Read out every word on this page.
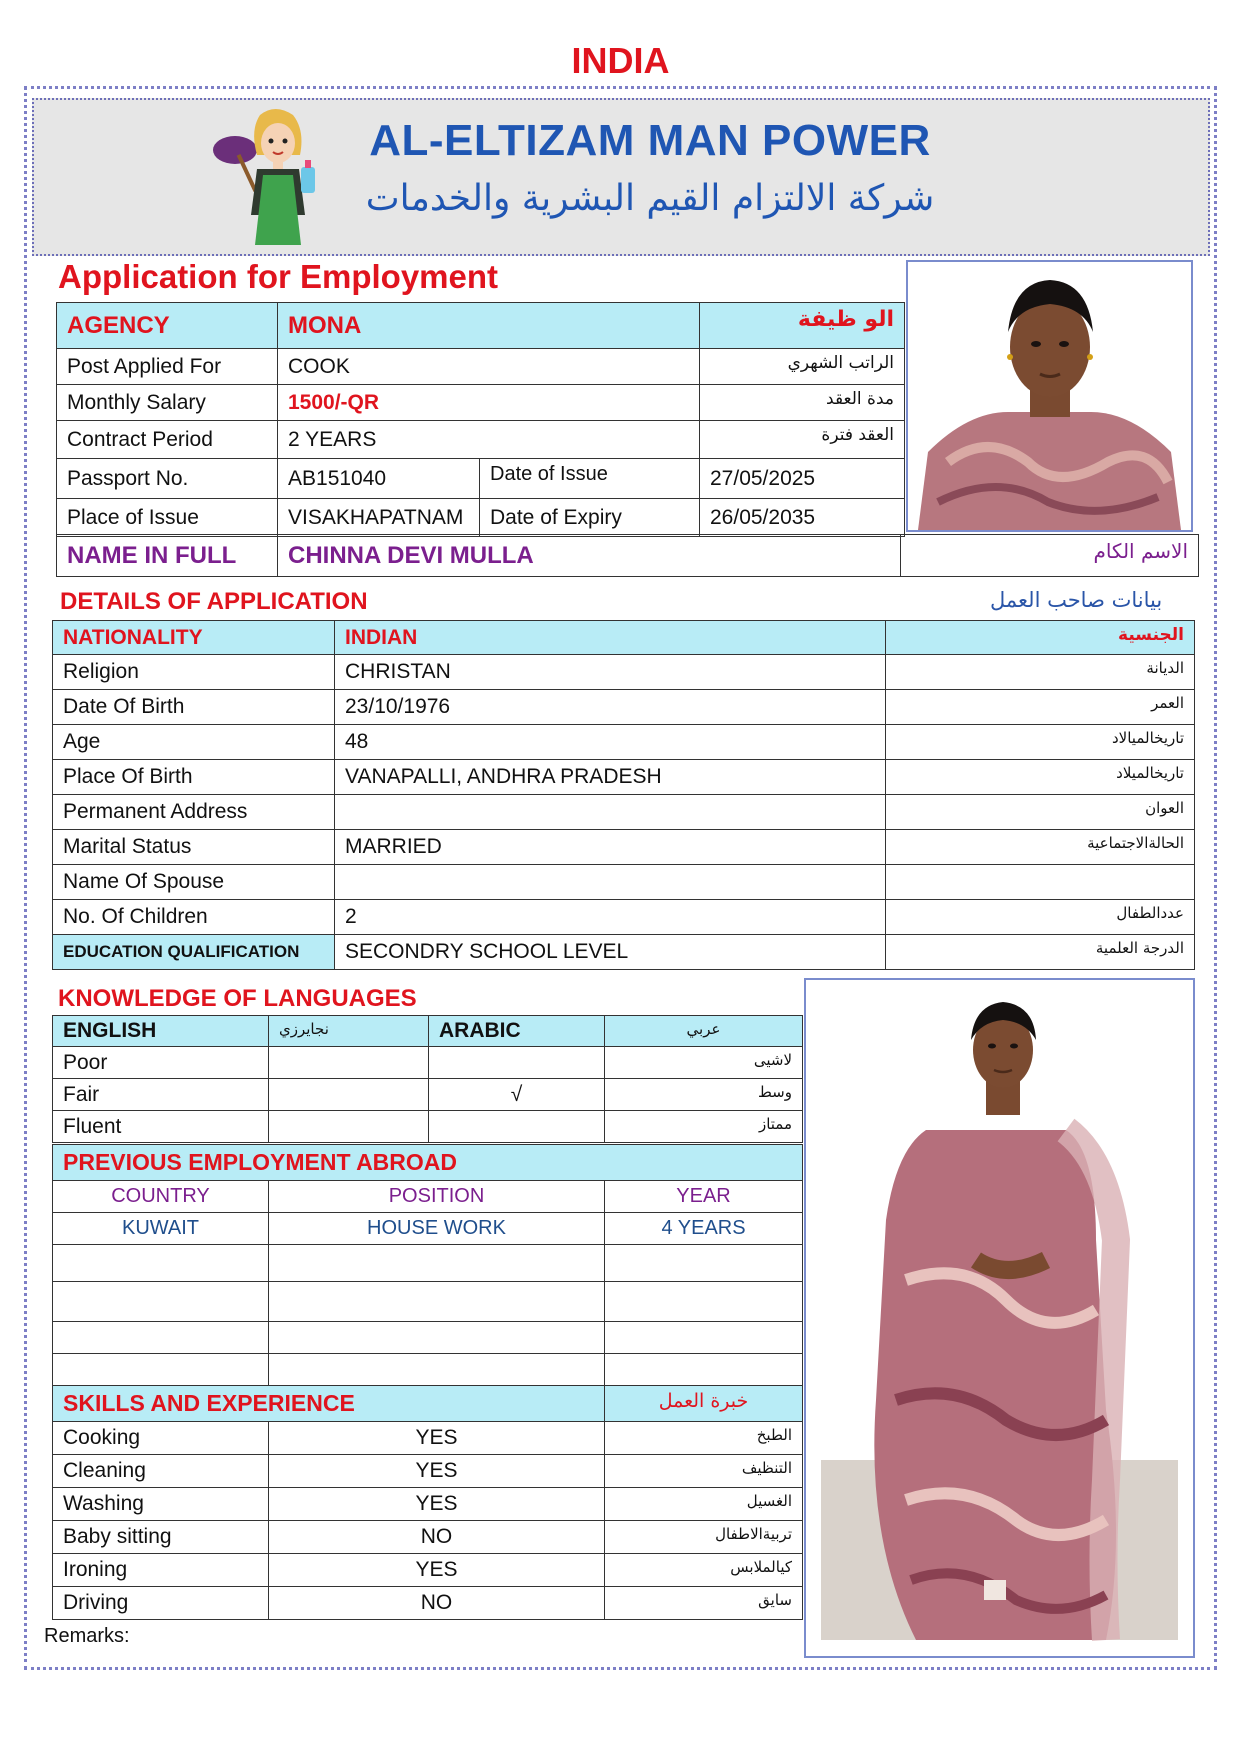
INDIA
AL-ELTIZAM MAN POWER
شركة الالتزام القيم البشرية والخدمات
Application for Employment
AGENCY	MONA	الو ظيفة
Post Applied For	COOK	الراتب الشهري
Monthly Salary	1500/-QR	مدة العقد
Contract Period	2 YEARS	العقد فترة
Passport No.	AB151040	Date of Issue	27/05/2025
Place of Issue	VISAKHAPATNAM	Date of Expiry	26/05/2035
NAME IN FULL	CHINNA DEVI MULLA	الاسم الكام
DETAILS OF APPLICATION	بيانات صاحب العمل
NATIONALITY	INDIAN	الجنسية
Religion	CHRISTAN	الديانة
Date Of Birth	23/10/1976	العمر
Age	48	تاريخالميالاد
Place Of Birth	VANAPALLI, ANDHRA PRADESH	تاريخالميلاد
Permanent Address		العوان
Marital Status	MARRIED	الحالةالاجتماعية
Name Of Spouse		
No. Of Children	2	عددالطفال
EDUCATION QUALIFICATION	SECONDRY SCHOOL LEVEL	الدرجة العلمية
KNOWLEDGE OF LANGUAGES
ENGLISH	نجايرزي	ARABIC	عربي
Poor			لاشيى
Fair		√	وسط
Fluent			ممتاز
PREVIOUS EMPLOYMENT ABROAD		
COUNTRY	POSITION	YEAR
KUWAIT	HOUSE WORK	4 YEARS

SKILLS AND EXPERIENCE		خبرة العمل
Cooking	YES	الطبخ
Cleaning	YES	التنظيف
Washing	YES	الغسيل
Baby sitting	NO	تربيةالاطفال
Ironing	YES	كيالملابس
Driving	NO	سايق
Remarks:
